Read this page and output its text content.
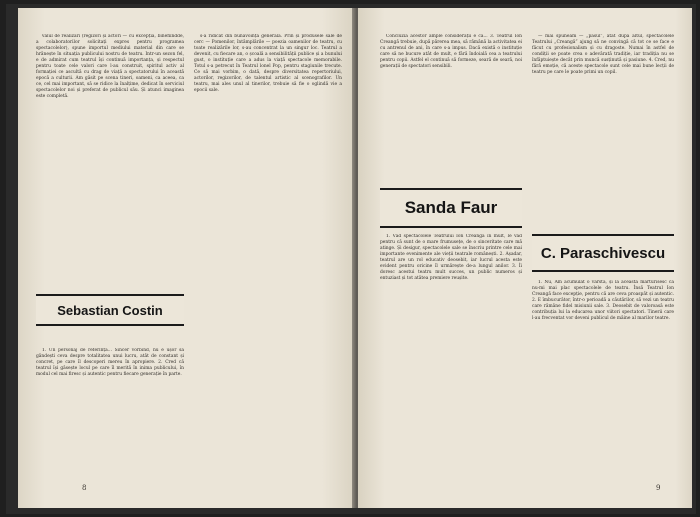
valul de realizări (regizori și actori — cu excepția, binefiindde, a colaboratorilor solicitați expres pentru programea spectacolelor), spune importul mediului material din care se hrănește în situația publicului nostru de teatru. Intr-un sezon fel, e de admirat cum teatrul își continuă importanța, și respectul pentru toate cele valori care l-au construit, spiritul activ al formației ce ascultă cu drag de viață a spectatorului în această epocă a culturii. Am găsit pe scena tineri, oameni, ca aceea, ca ce, cel mai important, să se ridice la înalțime, dedicat în serviciul spectacolelor noi și preferat de publicul său. Și atunci imaginea este completă.

Sebastian Costin

1. Un personaj de referință... Sincer vorbind, nu e ușor să gândești ceva despre totalitatea unui lucru, atât de constant și concret, pe care îl descoperi mereu în apropiere. 2. Cred că teatrul își găsește locul pe care îl merită în inima publicului, în modul cel mai firesc și autentic pentru fiecare generație în parte.

s-a ridicat din bunăvoința generală. Prin și produsele sale de cerc — Pomenilor, întâmplările — poezia oamenilor de teatru, cu toate realizările lor, s-au concentrat la un singur loc. Teatrul a devenit, cu fiecare an, o școală a sensibilității publice și a bunului gust, o instituție care a adus la viață spectacole memorabile. Totul s-a petrecut în Teatrul lonel Pop, pentru stagiunile trecute. Ce să mai vorbim, o dată, despre diversitatea repertoriului, actorilor, regizorilor, de talentul artistic al scenografilor. Un teatru, mai ales unul al tinerilor, trebuie să fie o oglindă vie a epocii sale.

8

Concluzia acestor ample considerații e că... 3. Teatrul Ion Creangă trebuie, după părerea mea, să rămână la activitatea ei cu antrenul de ani, în care s-a impus. Dacă există o instituție care să ne bucure atât de mult, e fără îndoială cea a teatrului pentru copii. Astfel el continuă să formeze, seară de seară, noi generații de spectatori sensibili.

Sanda Faur

1. Văd spectacolele Teatrului Ion Creangă în mult, le văd pentru că sunt de o mare frumusețe, de o sinceritate care mă atinge. Și desigur, spectacolele sale se înscriu printre cele mai importante evenimente ale vieții teatrale românești. 2. Așadar, teatrul are un rol educativ deosebit, iar lucrul acesta este evident pentru oricine îl urmărește de-a lungul anilor. 3. Îi doresc acestui teatru mult succes, un public numeros și entuziast și tot atâtea premiere reușite.

— mai spuneam — „pasul”, atât după altul, spectacolele Teatrului „Creangă” ajung să ne convingă că tot ce se face e făcut cu profesionalism și cu dragoste. Numai în astfel de condiții se poate crea o adevărată tradiție, iar tradiția nu se înfăptuiește decât prin muncă susținută și pasiune. 4. Cred, nu fără emoție, că aceste spectacole sunt cele mai bune lecții de teatru pe care le poate primi un copil.

C. Paraschivescu

1. Nu, Am acumulat o vârstă, și la aceasta mărturisesc că nu-mi mai plac spectacolele de teatru. Însă Teatrul Ion Creangă face excepție, pentru că are ceva proaspăt și autentic. 2. E îmbucurător, într-o perioadă a căutărilor, să vezi un teatru care rămâne fidel misiunii sale. 3. Deosebit de valoroasă este contribuția lui la educarea unor viitori spectatori. Tinerii care l-au frecventat vor deveni publicul de mâine al marilor teatre.

9
